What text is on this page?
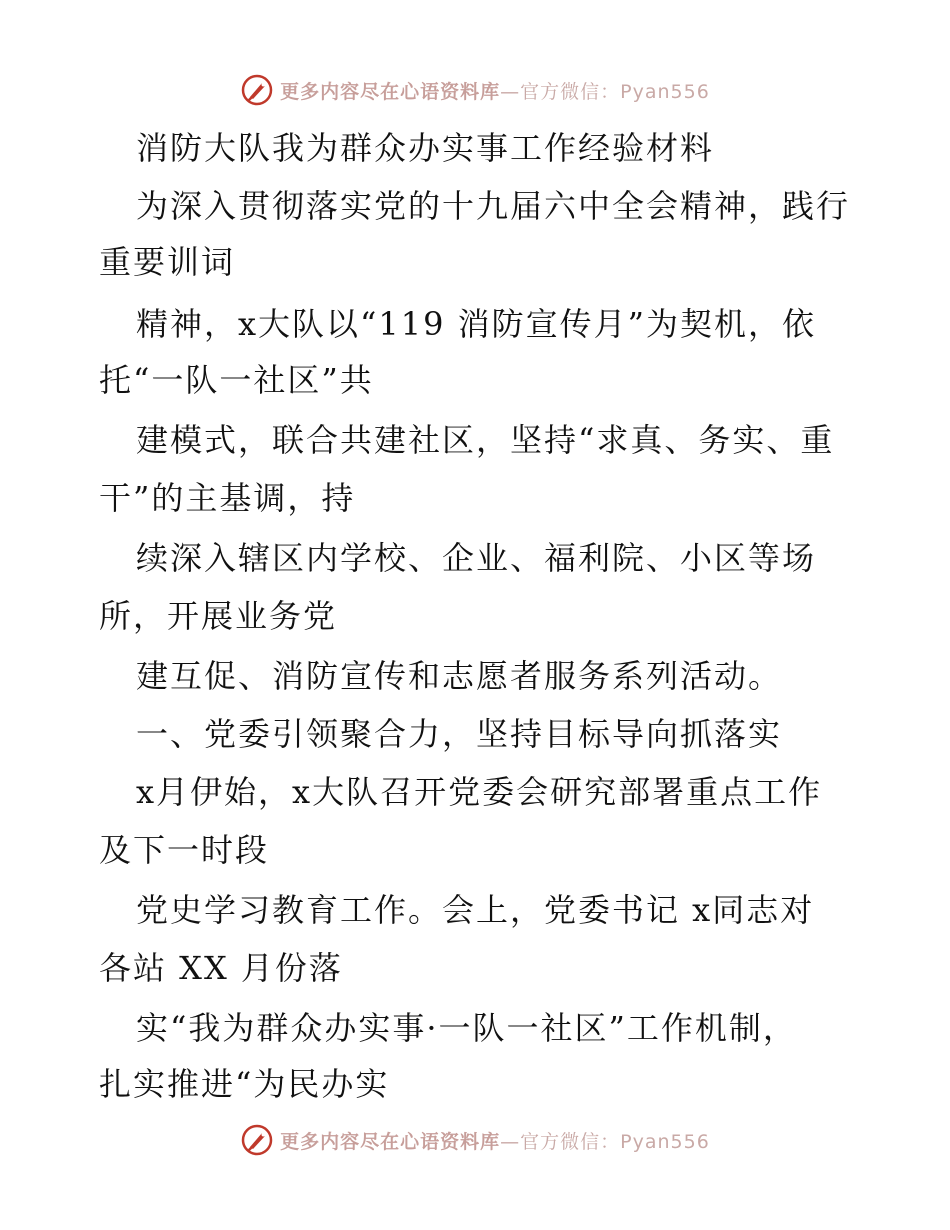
更多内容尽在心语资料库—官方微信：Pyan556
消防大队我为群众办实事工作经验材料
为深入贯彻落实党的十九届六中全会精神，践行
重要训词
精神，x大队以“119 消防宣传月”为契机，依
托“一队一社区”共
建模式，联合共建社区，坚持“求真、务实、重
干”的主基调，持
续深入辖区内学校、企业、福利院、小区等场
所，开展业务党
建互促、消防宣传和志愿者服务系列活动。
一、党委引领聚合力，坚持目标导向抓落实
x月伊始，x大队召开党委会研究部署重点工作
及下一时段
党史学习教育工作。会上，党委书记 x同志对
各站 XX 月份落
实“我为群众办实事·一队一社区”工作机制，
扎实推进“为民办实
更多内容尽在心语资料库—官方微信：Pyan556
